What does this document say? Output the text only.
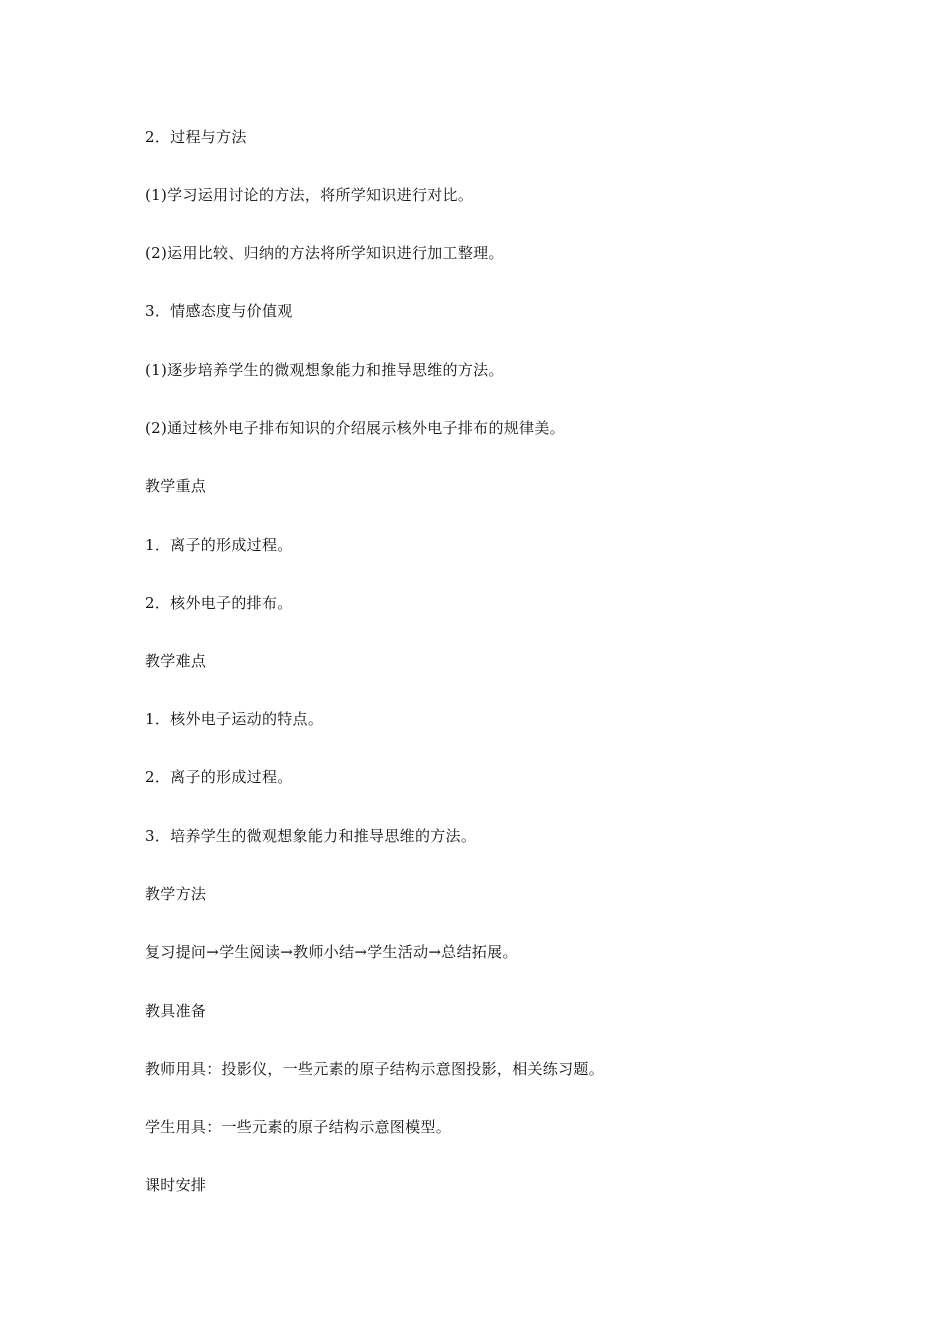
2．过程与方法
(1)学习运用讨论的方法，将所学知识进行对比。
(2)运用比较、归纳的方法将所学知识进行加工整理。
3．情感态度与价值观
(1)逐步培养学生的微观想象能力和推导思维的方法。
(2)通过核外电子排布知识的介绍展示核外电子排布的规律美。
教学重点
1．离子的形成过程。
2．核外电子的排布。
教学难点
1．核外电子运动的特点。
2．离子的形成过程。
3．培养学生的微观想象能力和推导思维的方法。
教学方法
复习提问→学生阅读→教师小结→学生活动→总结拓展。
教具准备
教师用具：投影仪，一些元素的原子结构示意图投影，相关练习题。
学生用具：一些元素的原子结构示意图模型。
课时安排
